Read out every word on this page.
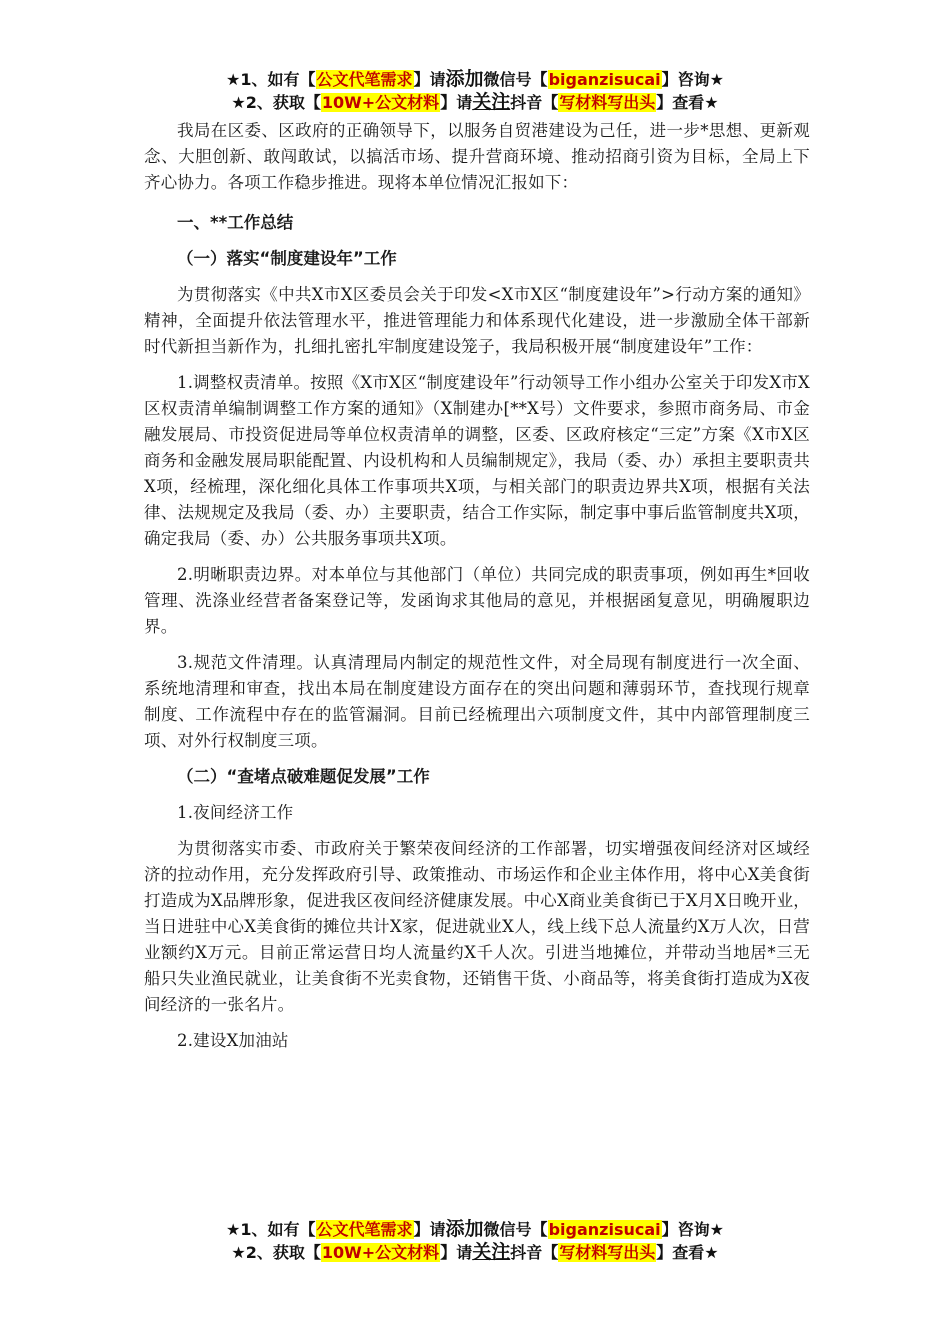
★1、如有【公文代笔需求】请添加微信号【biganzisucai】咨询★
★2、获取【10W+公文材料】请关注抖音【写材料写出头】查看★

我局在区委、区政府的正确领导下，以服务自贸港建设为己任，进一步*思想、更新观念、大胆创新、敢闯敢试，以搞活市场、提升营商环境、推动招商引资为目标，全局上下齐心协力。各项工作稳步推进。现将本单位情况汇报如下：

一、**工作总结
（一）落实“制度建设年”工作

为贯彻落实《中共X市X区委员会关于印发<X市X区“制度建设年”>行动方案的通知》精神，全面提升依法管理水平，推进管理能力和体系现代化建设，进一步激励全体干部新时代新担当新作为，扎细扎密扎牢制度建设笼子，我局积极开展“制度建设年”工作：

1.调整权责清单。按照《X市X区“制度建设年”行动领导工作小组办公室关于印发X市X区权责清单编制调整工作方案的通知》（X制建办[**X号）文件要求，参照市商务局、市金融发展局、市投资促进局等单位权责清单的调整，区委、区政府核定“三定”方案《X市X区商务和金融发展局职能配置、内设机构和人员编制规定》，我局（委、办）承担主要职责共X项，经梳理，深化细化具体工作事项共X项，与相关部门的职责边界共X项，根据有关法律、法规规定及我局（委、办）主要职责，结合工作实际，制定事中事后监管制度共X项，确定我局（委、办）公共服务事项共X项。

2.明晰职责边界。对本单位与其他部门（单位）共同完成的职责事项，例如再生*回收管理、洗涤业经营者备案登记等，发函询求其他局的意见，并根据函复意见，明确履职边界。

3.规范文件清理。认真清理局内制定的规范性文件，对全局现有制度进行一次全面、系统地清理和审查，找出本局在制度建设方面存在的突出问题和薄弱环节，查找现行规章制度、工作流程中存在的监管漏洞。目前已经梳理出六项制度文件，其中内部管理制度三项、对外行权制度三项。

（二）“查堵点破难题促发展”工作

1.夜间经济工作

为贯彻落实市委、市政府关于繁荣夜间经济的工作部署，切实增强夜间经济对区域经济的拉动作用，充分发挥政府引导、政策推动、市场运作和企业主体作用，将中心X美食街打造成为X品牌形象，促进我区夜间经济健康发展。中心X商业美食街已于X月X日晚开业，当日进驻中心X美食街的摊位共计X家，促进就业X人，线上线下总人流量约X万人次，日营业额约X万元。目前正常运营日均人流量约X千人次。引进当地摊位，并带动当地居*三无船只失业渔民就业，让美食街不光卖食物，还销售干货、小商品等，将美食街打造成为X夜间经济的一张名片。

2.建设X加油站

★1、如有【公文代笔需求】请添加微信号【biganzisucai】咨询★
★2、获取【10W+公文材料】请关注抖音【写材料写出头】查看★
